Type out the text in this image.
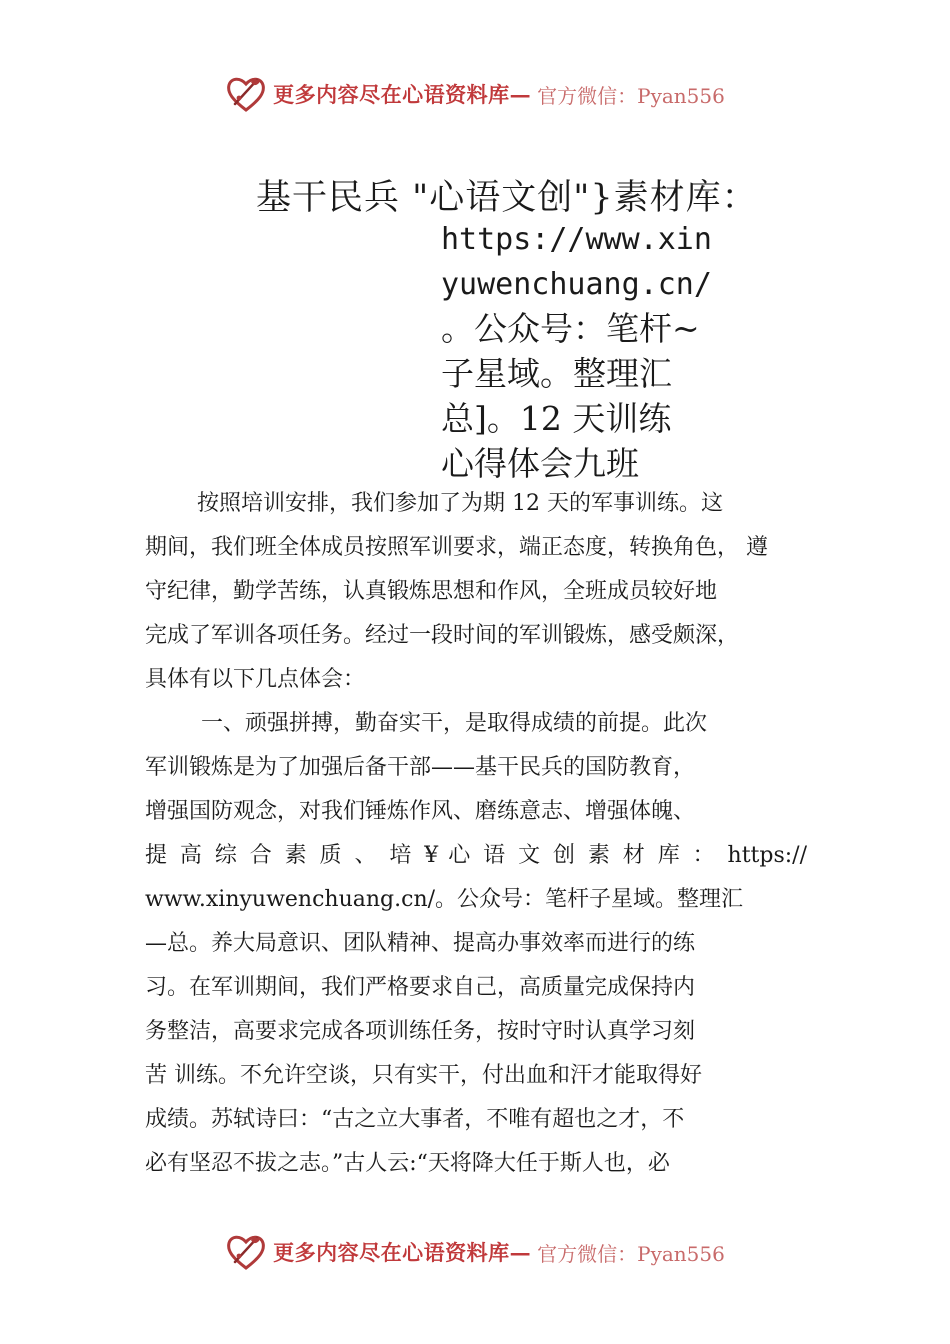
更多内容尽在心语资料库— 官方微信：Pyan556
基干民兵 "心语文创"}素材库：
https://www.xin
yuwenchuang.cn/
。公众号：笔杆~
子星域。整理汇
总]。12 天训练
心得体会九班
按照培训安排，我们参加了为期 12 天的军事训练。这
期间，我们班全体成员按照军训要求，端正态度，转换角色， 遵
守纪律，勤学苦练，认真锻炼思想和作风，全班成员较好地
完成了军训各项任务。经过一段时间的军训锻炼，感受颇深，
具体有以下几点体会：
一、顽强拼搏，勤奋实干，是取得成绩的前提。此次
军训锻炼是为了加强后备干部——基干民兵的国防教育，
增强国防观念，对我们锤炼作风、磨练意志、增强体魄、
提 高 综 合 素 质 、 培 ¥ 心 语 文 创 素 材 库 ： https://
www.xinyuwenchuang.cn/。公众号：笔杆子星域。整理汇
—总。养大局意识、团队精神、提高办事效率而进行的练
习。在军训期间，我们严格要求自己，高质量完成保持内
务整洁，高要求完成各项训练任务，按时守时认真学习刻
苦 训练。不允许空谈，只有实干，付出血和汗才能取得好
成绩。苏轼诗曰：“古之立大事者，不唯有超也之才，不
必有坚忍不拔之志。”古人云:“天将降大任于斯人也，必
更多内容尽在心语资料库— 官方微信：Pyan556
